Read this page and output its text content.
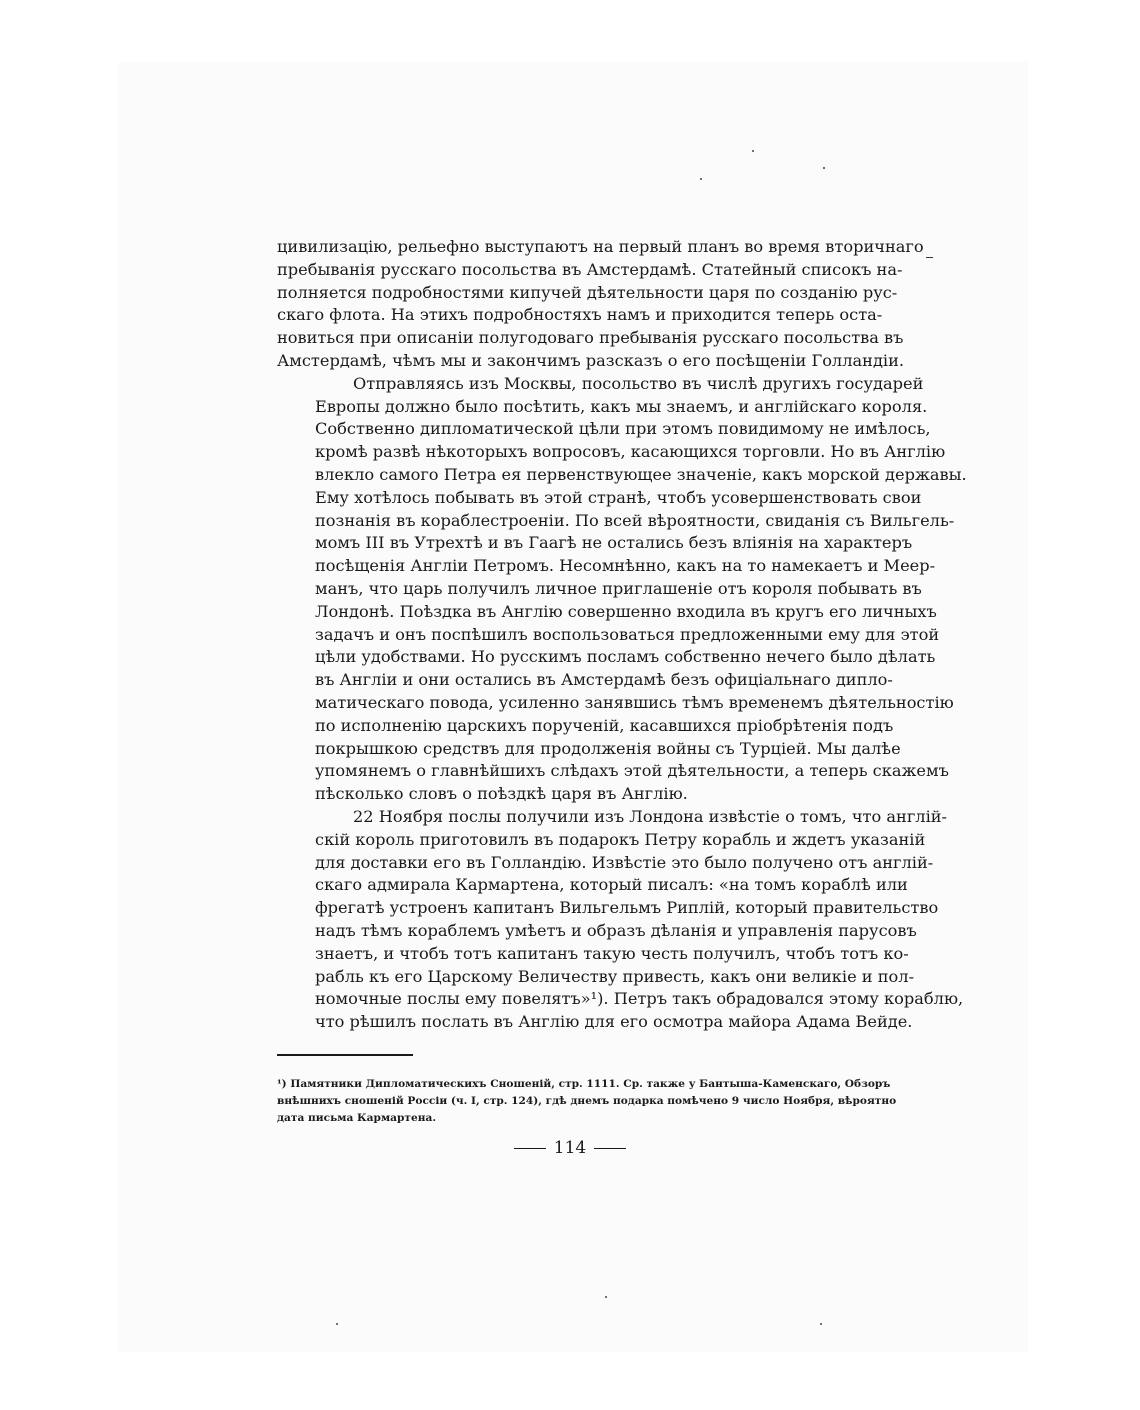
цивилизацію, рельефно выступаютъ на первый планъ во время вторичнаго
пребыванія русскаго посольства въ Амстердамѣ. Статейный списокъ на-
полняется подробностями кипучей дѣятельности царя по созданію рус-
скаго флота. На этихъ подробностяхъ намъ и приходится теперь оста-
новиться при описаніи полугодоваго пребыванія русскаго посольства въ
Амстердамѣ, чѣмъ мы и закончимъ разсказъ о его посѣщеніи Голландіи.

Отправляясь изъ Москвы, посольство въ числѣ другихъ государей
Европы должно было посѣтить, какъ мы знаемъ, и англійскаго короля.
Собственно дипломатической цѣли при этомъ повидимому не имѣлось,
кромѣ развѣ нѣкоторыхъ вопросовъ, касающихся торговли. Но въ Англію
влекло самого Петра ея первенствующее значеніе, какъ морской державы.
Ему хотѣлось побывать въ этой странѣ, чтобъ усовершенствовать свои
познанія въ кораблестроеніи. По всей вѣроятности, свиданія съ Вильгель-
момъ III въ Утрехтѣ и въ Гаагѣ не остались безъ вліянія на характеръ
посѣщенія Англіи Петромъ. Несомнѣнно, какъ на то намекаетъ и Меер-
манъ, что царь получилъ личное приглашеніе отъ короля побывать въ
Лондонѣ. Поѣздка въ Англію совершенно входила въ кругъ его личныхъ
задачъ и онъ поспѣшилъ воспользоваться предложенными ему для этой
цѣли удобствами. Но русскимъ посламъ собственно нечего было дѣлать
въ Англіи и они остались въ Амстердамѣ безъ офиціальнаго дипло-
матическаго повода, усиленно занявшись тѣмъ временемъ дѣятельностію
по исполненію царскихъ порученій, касавшихся пріобрѣтенія подъ
покрышкою средствъ для продолженія войны съ Турціей. Мы далѣе
упомянемъ о главнѣйшихъ слѣдахъ этой дѣятельности, а теперь скажемъ
пѣсколько словъ о поѣздкѣ царя въ Англію.

22 Ноября послы получили изъ Лондона извѣстіе о томъ, что англій-
скій король приготовилъ въ подарокъ Петру корабль и ждетъ указаній
для доставки его въ Голландію. Извѣстіе это было получено отъ англій-
скаго адмирала Кармартена, который писалъ: «на томъ кораблѣ или
фрегатѣ устроенъ капитанъ Вильгельмъ Риплій, который правительство
надъ тѣмъ кораблемъ умѣетъ и образъ дѣланія и управленія парусовъ
знаетъ, и чтобъ тотъ капитанъ такую честь получилъ, чтобъ тотъ ко-
рабль къ его Царскому Величеству привесть, какъ они великіе и пол-
номочные послы ему повелятъ»¹). Петръ такъ обрадовался этому кораблю,
что рѣшилъ послать въ Англію для его осмотра майора Адама Вейде.

¹) Памятники Дипломатическихъ Сношеній, стр. 1111. Ср. также у Бантыша-Каменскаго, Обзоръ
внѣшнихъ сношеній Россіи (ч. I, стр. 124), гдѣ днемъ подарка помѣчено 9 число Ноября, вѣроятно
дата письма Кармартена.
114
